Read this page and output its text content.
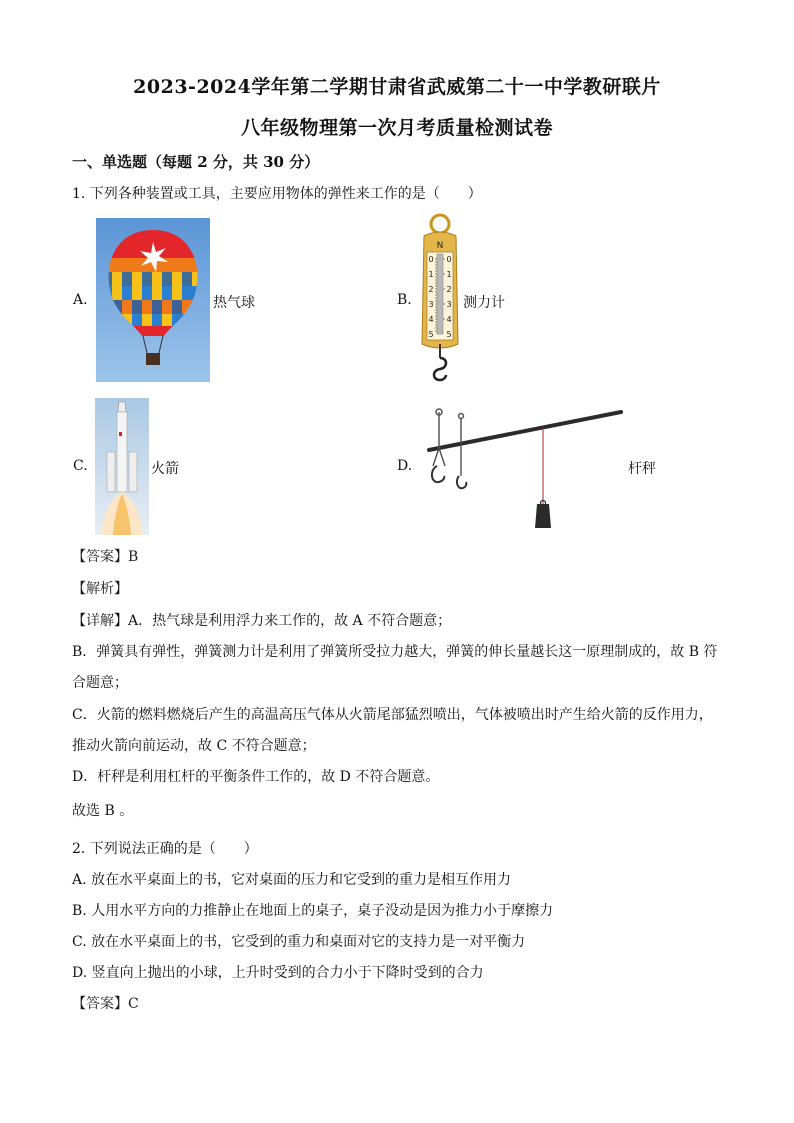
2023-2024学年第二学期甘肃省武威第二十一中学教研联片
八年级物理第一次月考质量检测试卷
一、单选题（每题 2 分，共 30 分）
1. 下列各种装置或工具，主要应用物体的弹性来工作的是（　　）
A.	热气球	B.
N
0 0
1 1
2 2
3 3
4 4
5 5
测力计
C.	火箭	D.	杆秤
【答案】B
【解析】
【详解】A．热气球是利用浮力来工作的，故 A 不符合题意；
B．弹簧具有弹性，弹簧测力计是利用了弹簧所受拉力越大，弹簧的伸长量越长这一原理制成的，故 B 符
合题意；
C．火箭的燃料燃烧后产生的高温高压气体从火箭尾部猛烈喷出，气体被喷出时产生给火箭的反作用力，
推动火箭向前运动，故 C 不符合题意；
D．杆秤是利用杠杆的平衡条件工作的，故 D 不符合题意。
故选 B 。
2. 下列说法正确的是（　　）
A. 放在水平桌面上的书，它对桌面的压力和它受到的重力是相互作用力
B. 人用水平方向的力推静止在地面上的桌子，桌子没动是因为推力小于摩擦力
C. 放在水平桌面上的书，它受到的重力和桌面对它的支持力是一对平衡力
D. 竖直向上抛出的小球，上升时受到的合力小于下降时受到的合力
【答案】C
